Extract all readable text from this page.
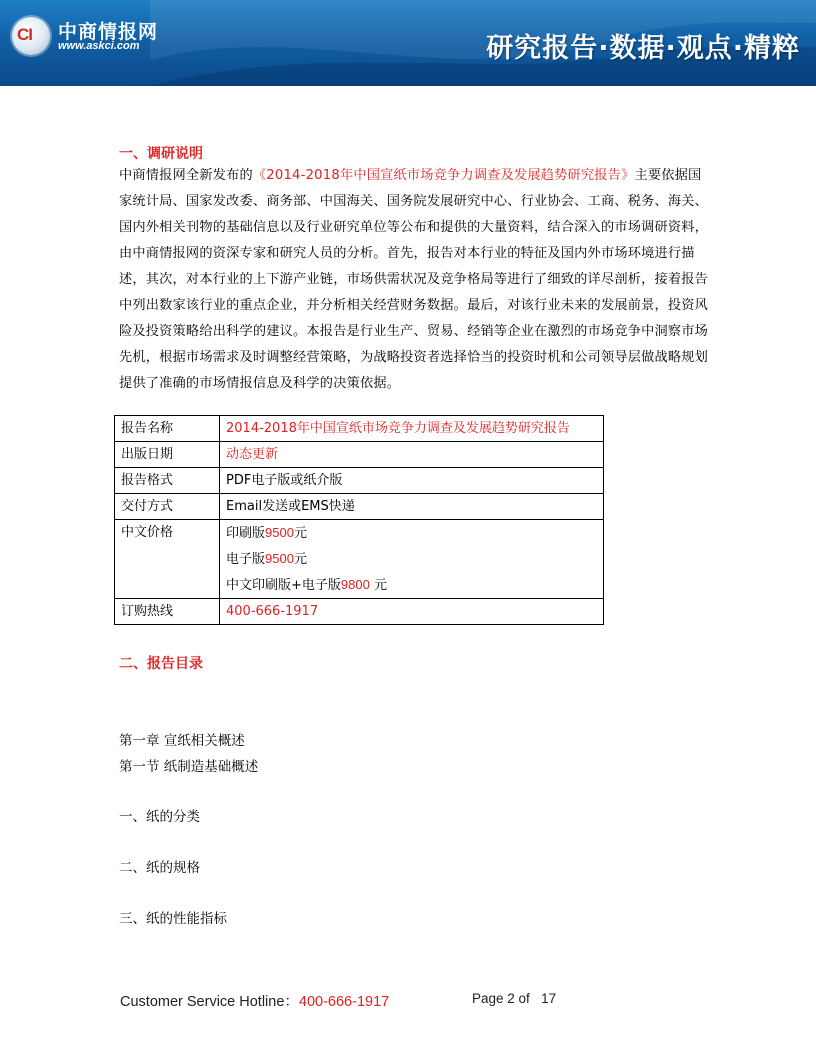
CI 中商情报网
www.askci.com	研究报告·数据·观点·精粹
一、调研说明
中商情报网全新发布的《2014-2018年中国宣纸市场竞争力调查及发展趋势研究报告》主要依据国家统计局、国家发改委、商务部、中国海关、国务院发展研究中心、行业协会、工商、税务、海关、国内外相关刊物的基础信息以及行业研究单位等公布和提供的大量资料，结合深入的市场调研资料，由中商情报网的资深专家和研究人员的分析。首先，报告对本行业的特征及国内外市场环境进行描述，其次，对本行业的上下游产业链，市场供需状况及竞争格局等进行了细致的详尽剖析，接着报告中列出数家该行业的重点企业，并分析相关经营财务数据。最后，对该行业未来的发展前景，投资风险及投资策略给出科学的建议。本报告是行业生产、贸易、经销等企业在激烈的市场竞争中洞察市场先机，根据市场需求及时调整经营策略，为战略投资者选择恰当的投资时机和公司领导层做战略规划提供了准确的市场情报信息及科学的决策依据。
报告名称	2014-2018年中国宣纸市场竞争力调查及发展趋势研究报告
出版日期	动态更新
报告格式	PDF电子版或纸介版
交付方式	Email发送或EMS快递
中文价格	印刷版9500元
电子版9500元
中文印刷版+电子版9800 元

订购热线	400-666-1917
二、报告目录
第一章 宣纸相关概述
第一节 纸制造基础概述
一、纸的分类
二、纸的规格
三、纸的性能指标
Customer Service Hotline：400-666-1917	Page 2 of 17
